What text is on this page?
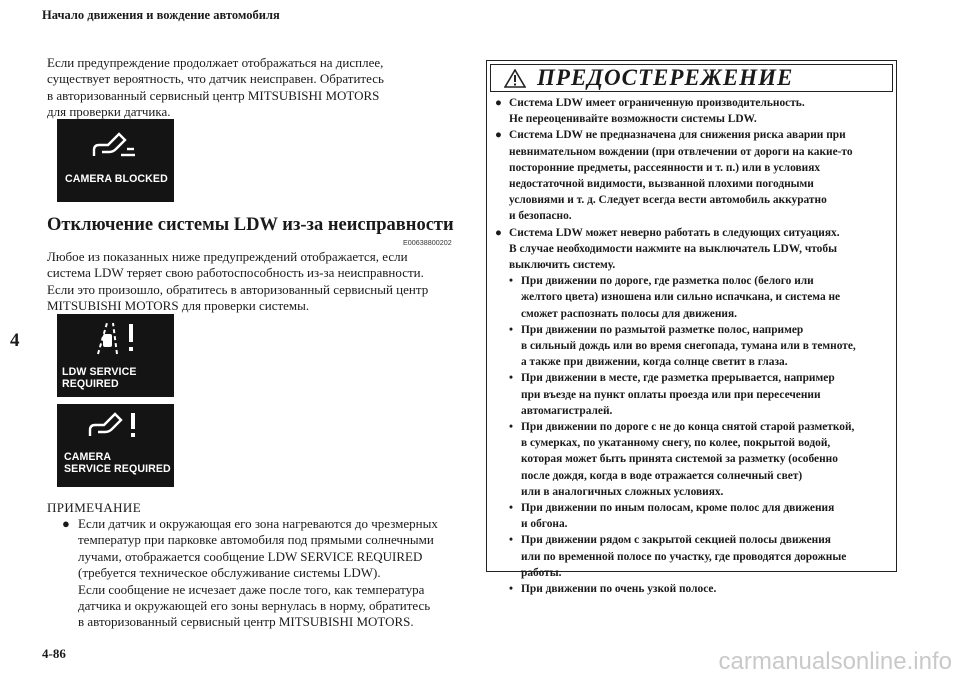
Начало движения и вождение автомобиля
Если предупреждение продолжает отображаться на дисплее,
существует вероятность, что датчик неисправен. Обратитесь
в авторизованный сервисный центр MITSUBISHI MOTORS
для проверки датчика.
CAMERA BLOCKED
Отключение системы LDW из-за неисправности
E00638800202
Любое из показанных ниже предупреждений отображается, если
система LDW теряет свою работоспособность из-за неисправности.
Если это произошло, обратитесь в авторизованный сервисный центр
MITSUBISHI MOTORS для проверки системы.
4
LDW SERVICE REQUIRED
CAMERA
SERVICE REQUIRED
ПРИМЕЧАНИЕ
● Если датчик и окружающая его зона нагреваются до чрезмерных
температур при парковке автомобиля под прямыми солнечными
лучами, отображается сообщение LDW SERVICE REQUIRED
(требуется техническое обслуживание системы LDW).
Если сообщение не исчезает даже после того, как температура
датчика и окружающей его зоны вернулась в норму, обратитесь
в авторизованный сервисный центр MITSUBISHI MOTORS.
4-86
ПРЕДОСТЕРЕЖЕНИЕ
● Система LDW имеет ограниченную производительность.
Не переоценивайте возможности системы LDW.
● Система LDW не предназначена для снижения риска аварии при
невнимательном вождении (при отвлечении от дороги на какие-то
посторонние предметы, рассеянности и т. п.) или в условиях
недостаточной видимости, вызванной плохими погодными
условиями и т. д. Следует всегда вести автомобиль аккуратно
и безопасно.
● Система LDW может неверно работать в следующих ситуациях.
В случае необходимости нажмите на выключатель LDW, чтобы
выключить систему.
• При движении по дороге, где разметка полос (белого или
желтого цвета) изношена или сильно испачкана, и система не
сможет распознать полосы для движения.
• При движении по размытой разметке полос, например
в сильный дождь или во время снегопада, тумана или в темноте,
а также при движении, когда солнце светит в глаза.
• При движении в месте, где разметка прерывается, например
при въезде на пункт оплаты проезда или при пересечении
автомагистралей.
• При движении по дороге с не до конца снятой старой разметкой,
в сумерках, по укатанному снегу, по колее, покрытой водой,
которая может быть принята системой за разметку (особенно
после дождя, когда в воде отражается солнечный свет)
или в аналогичных сложных условиях.
• При движении по иным полосам, кроме полос для движения
и обгона.
• При движении рядом с закрытой секцией полосы движения
или по временной полосе по участку, где проводятся дорожные
работы.
• При движении по очень узкой полосе.
carmanualsonline.info
